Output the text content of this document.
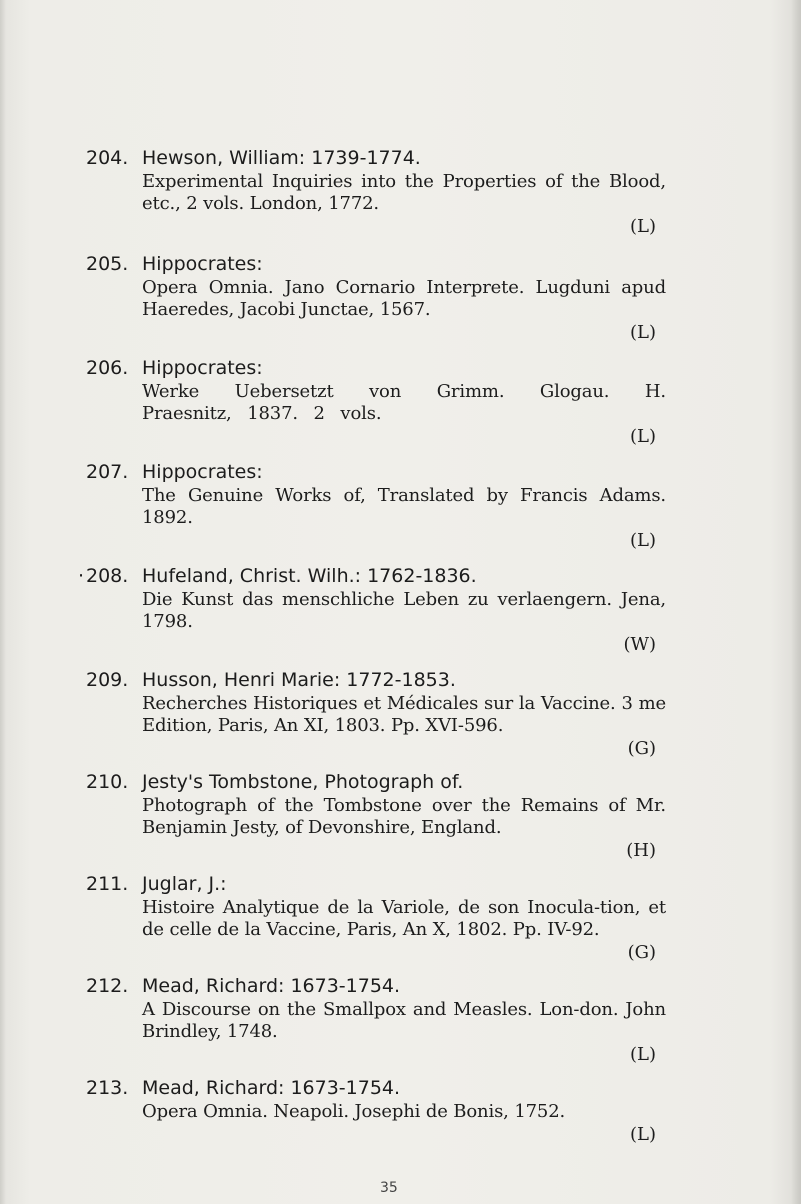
204. Hewson, William: 1739-1774.
Experimental Inquiries into the Properties of the Blood, etc., 2 vols. London, 1772.
(L)
205. Hippocrates:
Opera Omnia. Jano Cornario Interprete. Lugduni apud Haeredes, Jacobi Junctae, 1567.
(L)
206. Hippocrates:
Werke Uebersetzt von Grimm. Glogau. H. Praesnitz, 1837. 2 vols.
(L)
207. Hippocrates:
The Genuine Works of, Translated by Francis Adams. 1892.
(L)
· 208. Hufeland, Christ. Wilh.: 1762-1836.
Die Kunst das menschliche Leben zu verlaengern. Jena, 1798.
(W)
209. Husson, Henri Marie: 1772-1853.
Recherches Historiques et Médicales sur la Vaccine. 3 me Edition, Paris, An XI, 1803. Pp. XVI-596.
(G)
210. Jesty's Tombstone, Photograph of.
Photograph of the Tombstone over the Remains of Mr. Benjamin Jesty, of Devonshire, England.
(H)
211. Juglar, J.:
Histoire Analytique de la Variole, de son Inocula-tion, et de celle de la Vaccine, Paris, An X, 1802. Pp. IV-92.
(G)
212. Mead, Richard: 1673-1754.
A Discourse on the Smallpox and Measles. Lon-don. John Brindley, 1748.
(L)
213. Mead, Richard: 1673-1754.
Opera Omnia. Neapoli. Josephi de Bonis, 1752.
(L)
35
